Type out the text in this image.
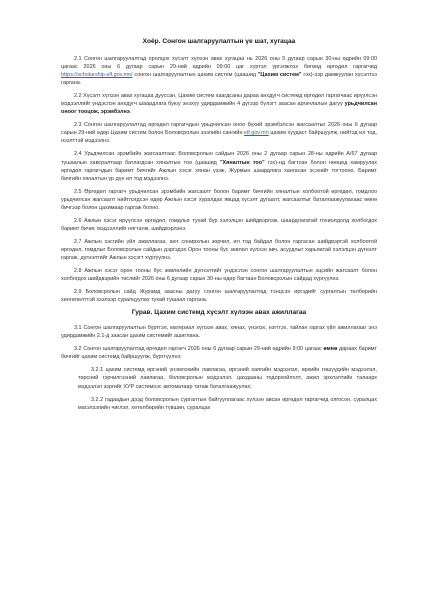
Хоёр. Сонгон шалгаруулалтын үе шат, хугацаа

2.1 Сонгон шалгаруулалтад оролцох хүсэлт хүлээн авах хугацаа нь 2026 оны 5 дугаар сарын 30-ны өдрийн 09:00 цагаас 2026 оны 6 дугаар сарын 29-ний өдрийн 09:00 цаг хүртэл үргэлжлэх бөгөөд өргөдөл гаргагчид https://scholarship.elf.gov.mn/ сонгон шалгаруулалтын цахим систем (цаашид "Цахим систем" гэх)-ээр дамжуулан хүсэлтээ гаргана.

2.2 Хүсэлт хүлээн авах хугацаа дууссан, Цахим систем хаагдсаны дараа анхдугч системд өргөдөл гаргагчаас ирүүлсэн мэдээллийг үндэслэн анхдугч шаардлага буюу энэхүү удирдамжийн 4 дүгээр бүлэгт заасан аргачлалын дагуу урьдчилсан оноог тооцож, эрэмбэлнэ.

2.3 Сонгон шалгаруулалтад өргөдөл гаргагчдын урьдчилсан оноо бүхий эрэмбэлсэн жагсаалтыг 2026 оны 6 дугаар сарын 29-ний өдөр Цахим систем болон Боловсролын зээлийн сангийн elf.gov.mn цахим хуудаст байршуулж, нийтэд ил тод, нээлттэй мэдээлнэ.

2.4 Урьдчилсан эрэмбийн жагсаалтаас Боловсролын сайдын 2026 оны 2 дугаар сарын 28-ны өдрийн А/67 дугаар тушаалын хавсралтаар батлагдсан хяналтын тоо (цаашид "Хяналтын тоо" гэх)-нд багтсан болон нөөцөд хамруулах өргөдөл гаргагчдын баримт бичгийг Ажлын хэсэг хянан үзэж, Журмын шаардлага хангасан эсэхийг тогтооно. Баримт бичгийн хяналтын үр дүн ил тод мэдээлнэ.

2.5 Өргөдөл гаргагч урьдчилсан эрэмбийн жагсаалт болон баримт бичгийн хяналтын холбоотой өргөдөл, гомдлоо урьдчилсан жагсаалт нийтлэгдсэн өдөр Ажлын хэсэг хуралдах явцад хүсэлт дугаалт, жагсаалтыг баталгаажуулахаас өмнө бичгээр болон цахимаар гаргаж болно.

2.6 Ажлын хэсэг ирүүлсэн өргөдөл, гомдлыг тухай бүр хэлэлцэн шийдвэрлэж, шаардлагатай тохиолдолд холбогдох баримт бичиг, мэдээллийг нягталж, шийдвэрлэнэ.

2.7 Ажлын хэсгийн үйл ажиллагаа, аюг сонирхлын зөрчил, ил тод байдал болон гаргасан шийдвэртэй холбоотой өргөдөл, гомдлыг Боловсролын сайдын дэргэдэх Орон тооны бус зөвлөл хүлээн авч, асуудлыг харьяатай хэлэлцэн дүгнэлт гаргаж, дүгнэлтийг Ажлын хэсэгт хүргүүлнэ.

2.8 Ажлын хэсэг орон тооны бус зөвлөлийн дүгнэлтийг үндэслэн сонгон шалгаруулалтын эцсийн жагсаалт болон холбогдох шийдвэрийн төслийг 2026 оны 6 дугаар сарын 30-ны өдөр багтаан Боловсролын сайдад хүргүүлнэ.

2.9 Боловсролын сайд Журамд заасны дагуу сонгон шалгаруулалтад тэнцсэн иргэдийг сургалтын төлбөрийн хөнгөлөлттэй зээлээр суралцуулах тухай тушаал гаргана.

Гурав. Цахим системд хүсэлт хүлээн авах ажиллагаа

3.1 Сонгон шалгаруулалтын бүртгэл, материал хүлээн авах, хянах, үнэлэх, нэгтгэх, тайлан гаргах үйл ажиллагааг энэ удирдамжийн 2.1-д заасан цахим системийг ашиглана.

3.2 Сонгон шалгаруулалтад өргөдөл гаргагч 2026 оны 6 дугаар сарын 29-ний өдрийн 9:00 цагаас өмнө дараах баримт бичгийг цахим системд байршуулж, бүртгүүлнэ:

3.2.1 цахим системд иргэний үнэмлэхийн лавлагаа, иргэний хаягийн мэдээлэл, өрхийн гишүүдийн мэдээлэл, төрсний гэрчилгээний лавлагаа, боловсролын мэдээлэл, цахдааны тодорхойлолт, ажил эрхлэлтийн талаарх мэдээлэл зэргийг ХУР системээс автоматаар татаж баталгаажуулах;

3.2.2 гадаадын дээд боловсролын сургалтын байгууллагаас хүлээн авсан өргөдөл гаргагчид олгосон, суралцах магэлзэлийн чиглэл, хөтөлбөрийн түвшин, суралцах
